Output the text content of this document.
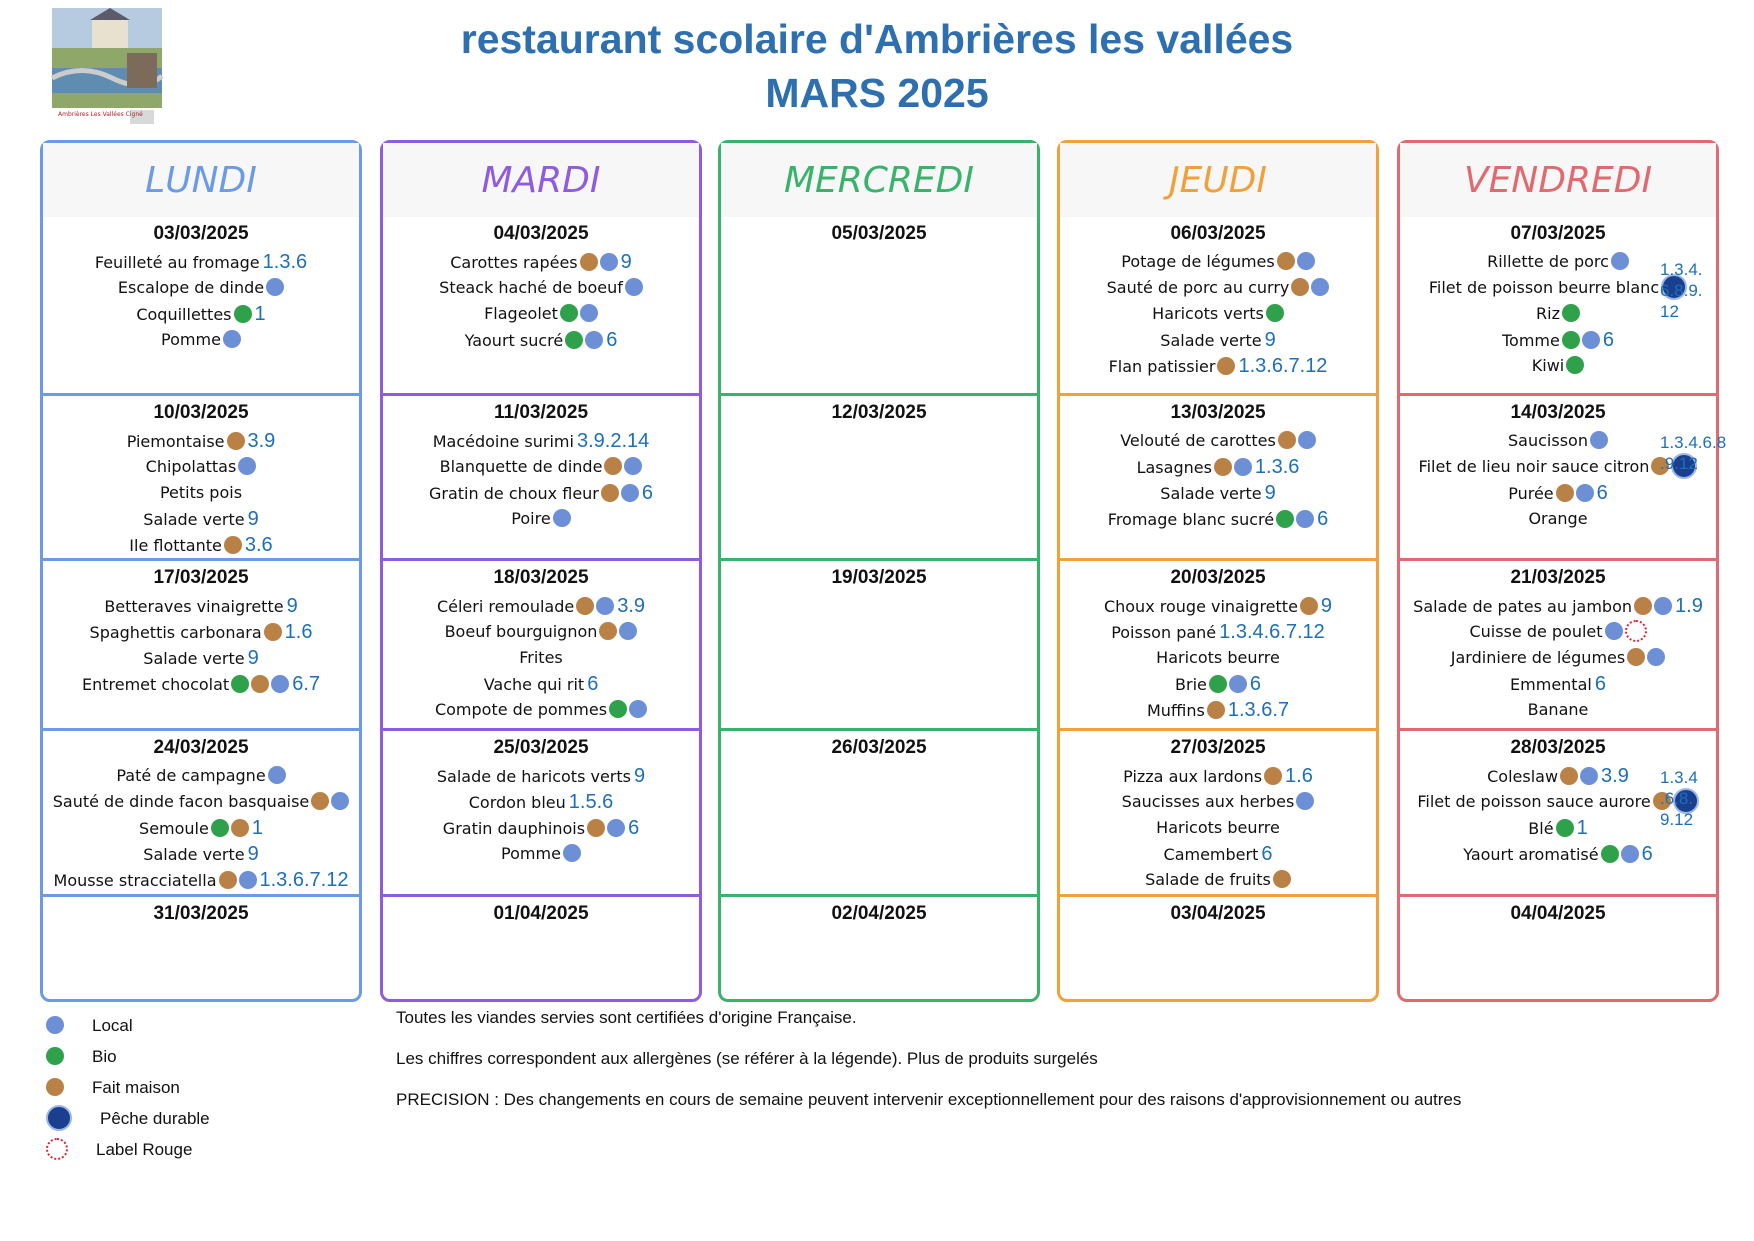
Ambrières Les Vallées Cigné
restaurant scolaire d'Ambrières les vallées
MARS 2025
LUNDI
03/03/2025
Feuilleté au fromage 1.3.6
Escalope de dinde
Coquillettes 1
Pomme
10/03/2025
Piemontaise 3.9
Chipolattas
Petits pois
Salade verte 9
Ile flottante 3.6
17/03/2025
Betteraves vinaigrette 9
Spaghettis carbonara 1.6
Salade verte 9
Entremet chocolat	6.7
24/03/2025
Paté de campagne
Sauté de dinde facon basquaise
Semoule 1
Salade verte 9
Mousse stracciatella 1.3.6.7.12
31/03/2025
MARDI
04/03/2025
Carottes rapées 9
Steack haché de boeuf
Flageolet
Yaourt sucré 6
11/03/2025
Macédoine surimi 3.9.2.14
Blanquette de dinde
Gratin de choux fleur 6
Poire
18/03/2025
Céleri remoulade 3.9
Boeuf bourguignon
Frites
Vache qui rit 6
Compote de pommes
25/03/2025
Salade de haricots verts 9
Cordon bleu 1.5.6
Gratin dauphinois 6
Pomme
01/04/2025
MERCREDI
05/03/2025
12/03/2025
19/03/2025
26/03/2025
02/04/2025
JEUDI
06/03/2025
Potage de légumes
Sauté de porc au curry
Haricots verts
Salade verte 9
Flan patissier 1.3.6.7.12
13/03/2025
Velouté de carottes
Lasagnes 1.3.6
Salade verte 9
Fromage blanc sucré 6
20/03/2025
Choux rouge vinaigrette 9
Poisson pané 1.3.4.6.7.12
Haricots beurre
Brie 6
Muffins 1.3.6.7
27/03/2025
Pizza aux lardons 1.6
Saucisses aux herbes
Haricots beurre
Camembert 6
Salade de fruits
03/04/2025
VENDREDI
07/03/2025
Rillette de porc
Filet de poisson beurre blanc
Riz
Tomme 6
Kiwi
1.3.4.
6.8.9.
12
14/03/2025
Saucisson
Filet de lieu noir sauce citron
Purée 6
Orange
1.3.4.6.8
.9.12
21/03/2025
Salade de pates au jambon 1.9
Cuisse de poulet
Jardiniere de légumes
Emmental 6
Banane
28/03/2025
Coleslaw 3.9
Filet de poisson sauce aurore
Blé 1
Yaourt aromatisé 6
1.3.4
.6.8.
9.12
04/04/2025
Local
Bio
Fait maison
Pêche durable
Label Rouge

Toutes les viandes servies sont certifiées d'origine Française.

Les chiffres correspondent aux allergènes (se référer à la légende). Plus de produits surgelés

PRECISION : Des changements en cours de semaine peuvent intervenir exceptionnellement pour des raisons d'approvisionnement ou autres
